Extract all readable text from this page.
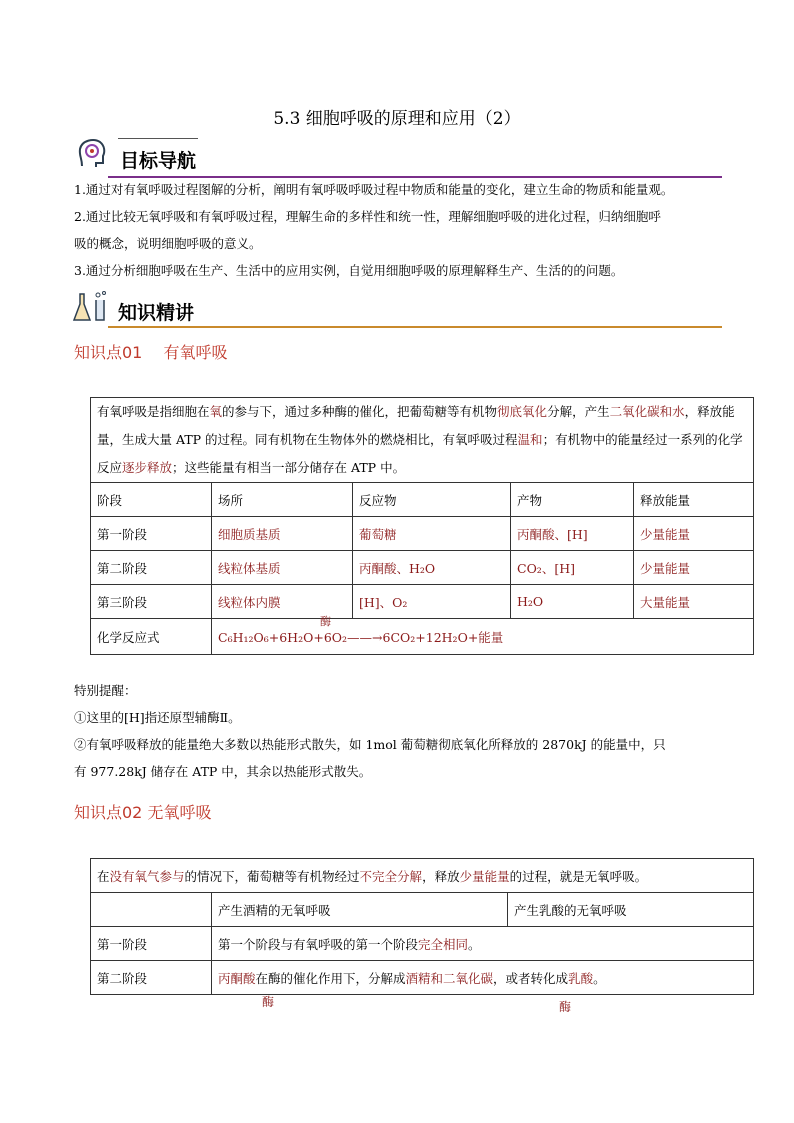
5.3 细胞呼吸的原理和应用（2）
目标导航
1.通过对有氧呼吸过程图解的分析，阐明有氧呼吸呼吸过程中物质和能量的变化，建立生命的物质和能量观。
2.通过比较无氧呼吸和有氧呼吸过程，理解生命的多样性和统一性，理解细胞呼吸的进化过程，归纳细胞呼
吸的概念，说明细胞呼吸的意义。
3.通过分析细胞呼吸在生产、生活中的应用实例，自觉用细胞呼吸的原理解释生产、生活的的问题。
知识精讲
知识点01　 有氧呼吸
有氧呼吸是指细胞在氧的参与下，通过多种酶的催化，把葡萄糖等有机物彻底氧化分解，产生二氧化碳和水，释放能量，生成大量 ATP 的过程。同有机物在生物体外的燃烧相比，有氧呼吸过程温和；有机物中的能量经过一系列的化学反应逐步释放；这些能量有相当一部分储存在 ATP 中。				
阶段	场所	反应物	产物	释放能量
第一阶段	细胞质基质	葡萄糖	丙酮酸、[H]	少量能量
第二阶段	线粒体基质	丙酮酸、H₂O	CO₂、[H]	少量能量
第三阶段	线粒体内膜	[H]、O₂	H₂O	大量能量
化学反应式	酶
C₆H₁₂O₆+6H₂O+6O₂——→6CO₂+12H₂O+能量			
特别提醒：
①这里的[H]指还原型辅酶Ⅱ。
②有氧呼吸释放的能量绝大多数以热能形式散失，如 1mol 葡萄糖彻底氧化所释放的 2870kJ 的能量中，只
有 977.28kJ 储存在 ATP 中，其余以热能形式散失。
知识点02 无氧呼吸
在没有氧气参与的情况下，葡萄糖等有机物经过不完全分解，释放少量能量的过程，就是无氧呼吸。		
	产生酒精的无氧呼吸	产生乳酸的无氧呼吸
第一阶段	第一个阶段与有氧呼吸的第一个阶段完全相同。	
第二阶段	丙酮酸在酶的催化作用下，分解成酒精和二氧化碳，或者转化成乳酸。	
酶	酶
